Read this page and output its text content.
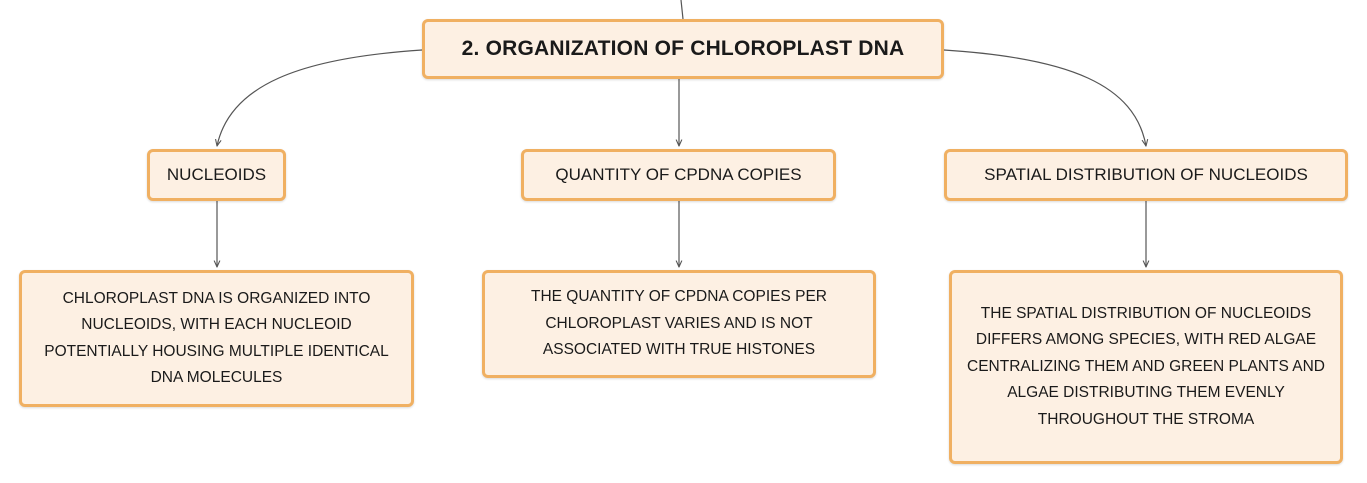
2. ORGANIZATION OF CHLOROPLAST DNA
NUCLEOIDS	QUANTITY OF CPDNA COPIES	SPATIAL DISTRIBUTION OF NUCLEOIDS
CHLOROPLAST DNA IS ORGANIZED INTO NUCLEOIDS, WITH EACH NUCLEOID POTENTIALLY HOUSING MULTIPLE IDENTICAL DNA MOLECULES
THE QUANTITY OF CPDNA COPIES PER CHLOROPLAST VARIES AND IS NOT ASSOCIATED WITH TRUE HISTONES
THE SPATIAL DISTRIBUTION OF NUCLEOIDS DIFFERS AMONG SPECIES, WITH RED ALGAE CENTRALIZING THEM AND GREEN PLANTS AND ALGAE DISTRIBUTING THEM EVENLY THROUGHOUT THE STROMA
